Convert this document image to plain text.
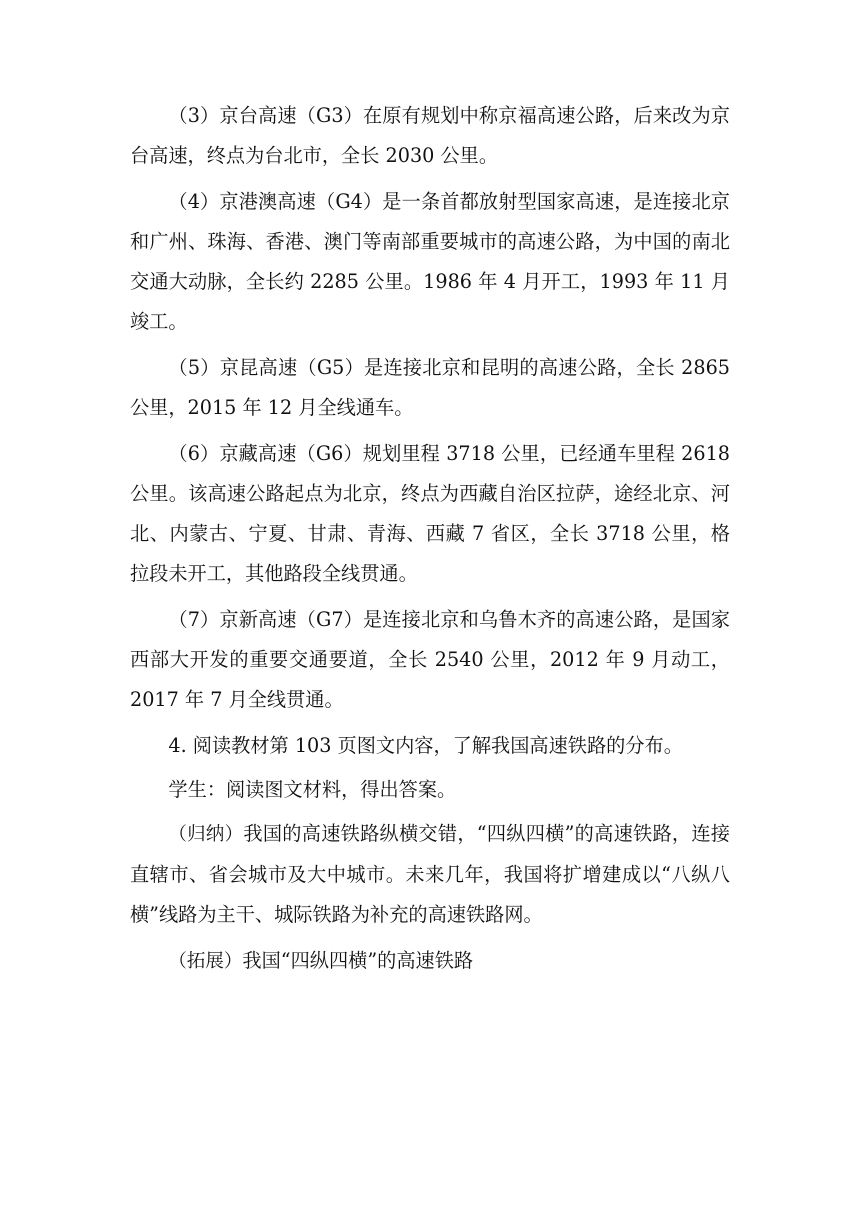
（3）京台高速（G3）在原有规划中称京福高速公路，后来改为京台高速，终点为台北市，全长 2030 公里。

（4）京港澳高速（G4）是一条首都放射型国家高速，是连接北京和广州、珠海、香港、澳门等南部重要城市的高速公路，为中国的南北交通大动脉，全长约 2285 公里。1986 年 4 月开工，1993 年 11 月竣工。

（5）京昆高速（G5）是连接北京和昆明的高速公路，全长 2865 公里，2015 年 12 月全线通车。

（6）京藏高速（G6）规划里程 3718 公里，已经通车里程 2618 公里。该高速公路起点为北京，终点为西藏自治区拉萨，途经北京、河北、内蒙古、宁夏、甘肃、青海、西藏 7 省区，全长 3718 公里，格拉段未开工，其他路段全线贯通。

（7）京新高速（G7）是连接北京和乌鲁木齐的高速公路，是国家西部大开发的重要交通要道，全长 2540 公里，2012 年 9 月动工，2017 年 7 月全线贯通。

4. 阅读教材第 103 页图文内容，了解我国高速铁路的分布。

学生：阅读图文材料，得出答案。

（归纳）我国的高速铁路纵横交错，“四纵四横”的高速铁路，连接直辖市、省会城市及大中城市。未来几年，我国将扩增建成以“八纵八横”线路为主干、城际铁路为补充的高速铁路网。

（拓展）我国“四纵四横”的高速铁路
